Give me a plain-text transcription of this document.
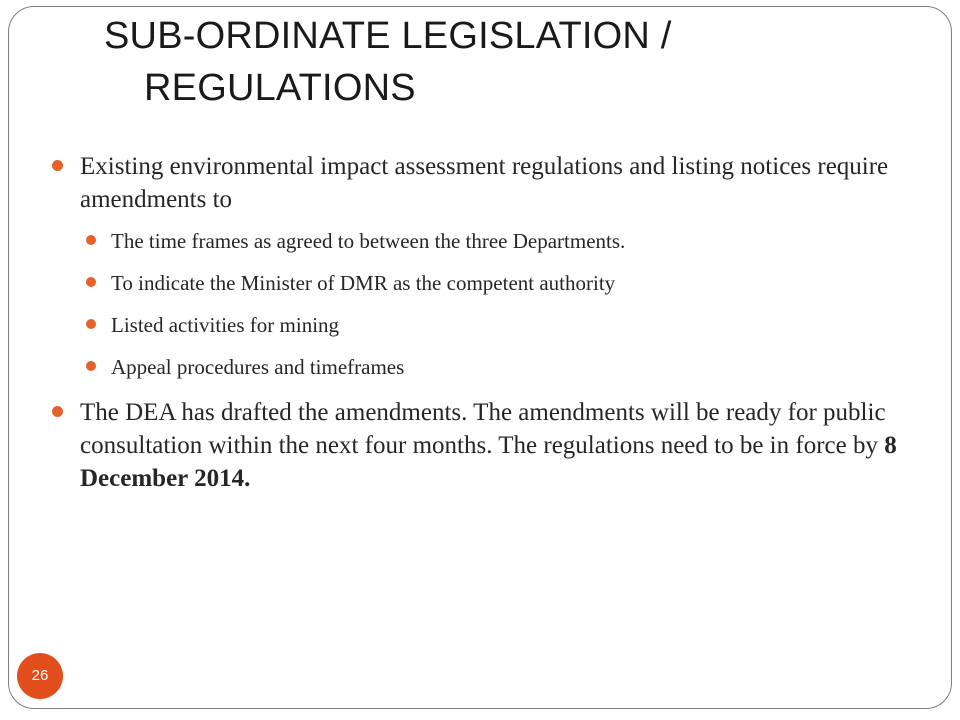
SUB-ORDINATE LEGISLATION /
REGULATIONS
Existing environmental impact assessment regulations and listing notices require amendments to
The time frames as agreed to between the three Departments.
To indicate the Minister of DMR as the competent authority
Listed activities for mining
Appeal procedures and timeframes
The DEA has drafted the amendments. The amendments will be ready for public consultation within the next four months. The regulations need to be in force by 8 December 2014.
26
